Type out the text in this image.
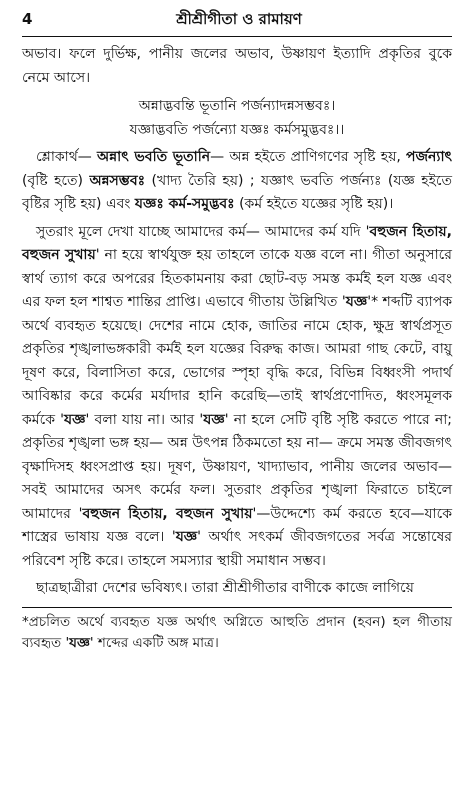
4	শ্রীশ্রীগীতা ও রামায়ণ

অভাব। ফলে দুর্ভিক্ষ, পানীয় জলের অভাব, উষ্ণায়ণ ইত্যাদি প্রকৃতির বুকে নেমে আসে।

অন্নাদ্ভবন্তি ভূতানি পর্জন্যাদন্নসম্ভবঃ।
যজ্ঞাদ্ভবতি পর্জন্যো যজ্ঞঃ কর্মসমুদ্ভবঃ।।

শ্লোকার্থ— অন্নাৎ ভবতি ভূতানি— অন্ন হইতে প্রাণিগণের সৃষ্টি হয়, পর্জন্যাৎ (বৃষ্টি হতে) অন্নসম্ভবঃ (খাদ্য তৈরি হয়) ; যজ্ঞাৎ ভবতি পর্জন্যঃ (যজ্ঞ হইতে বৃষ্টির সৃষ্টি হয়) এবং যজ্ঞঃ কর্ম-সমুদ্ভবঃ (কর্ম হইতে যজ্ঞের সৃষ্টি হয়)।

সুতরাং মূলে দেখা যাচ্ছে আমাদের কর্ম— আমাদের কর্ম যদি 'বহুজন হিতায়, বহুজন সুখায়' না হয়ে স্বার্থযুক্ত হয় তাহলে তাকে যজ্ঞ বলে না। গীতা অনুসারে স্বার্থ ত্যাগ করে অপরের হিতকামনায় করা ছোট-বড় সমস্ত কর্মই হল যজ্ঞ এবং এর ফল হল শাশ্বত শান্তির প্রাপ্তি। এভাবে গীতায় উল্লিখিত 'যজ্ঞ'* শব্দটি ব্যাপক অর্থে ব্যবহৃত হয়েছে। দেশের নামে হোক, জাতির নামে হোক, ক্ষুদ্র স্বার্থপ্রসূত প্রকৃতির শৃঙ্খলাভঙ্গকারী কর্মই হল যজ্ঞের বিরুদ্ধ কাজ। আমরা গাছ কেটে, বায়ু দূষণ করে, বিলাসিতা করে, ভোগের স্পৃহা বৃদ্ধি করে, বিভিন্ন বিধ্বংসী পদার্থ আবিষ্কার করে কর্মের মর্যাদার হানি করেছি—তাই স্বার্থপ্রণোদিত, ধ্বংসমূলক কর্মকে 'যজ্ঞ' বলা যায় না। আর 'যজ্ঞ' না হলে সেটি বৃষ্টি সৃষ্টি করতে পারে না; প্রকৃতির শৃঙ্খলা ভঙ্গ হয়— অন্ন উৎপন্ন ঠিকমতো হয় না— ক্রমে সমস্ত জীবজগৎ বৃক্ষাদিসহ ধ্বংসপ্রাপ্ত হয়। দূষণ, উষ্ণায়ণ, খাদ্যাভাব, পানীয় জলের অভাব— সবই আমাদের অসৎ কর্মের ফল। সুতরাং প্রকৃতির শৃঙ্খলা ফিরাতে চাইলে আমাদের 'বহুজন হিতায়, বহুজন সুখায়'—উদ্দেশ্যে কর্ম করতে হবে—যাকে শাস্ত্রের ভাষায় যজ্ঞ বলে। 'যজ্ঞ' অর্থাৎ সৎকর্ম জীবজগতের সর্বত্র সন্তোষের পরিবেশ সৃষ্টি করে। তাহলে সমস্যার স্থায়ী সমাধান সম্ভব।

ছাত্রছাত্রীরা দেশের ভবিষ্যৎ। তারা শ্রীশ্রীগীতার বাণীকে কাজে লাগিয়ে

*প্রচলিত অর্থে ব্যবহৃত যজ্ঞ অর্থাৎ অগ্নিতে আহুতি প্রদান (হবন) হল গীতায় ব্যবহৃত 'যজ্ঞ' শব্দের একটি অঙ্গ মাত্র।
